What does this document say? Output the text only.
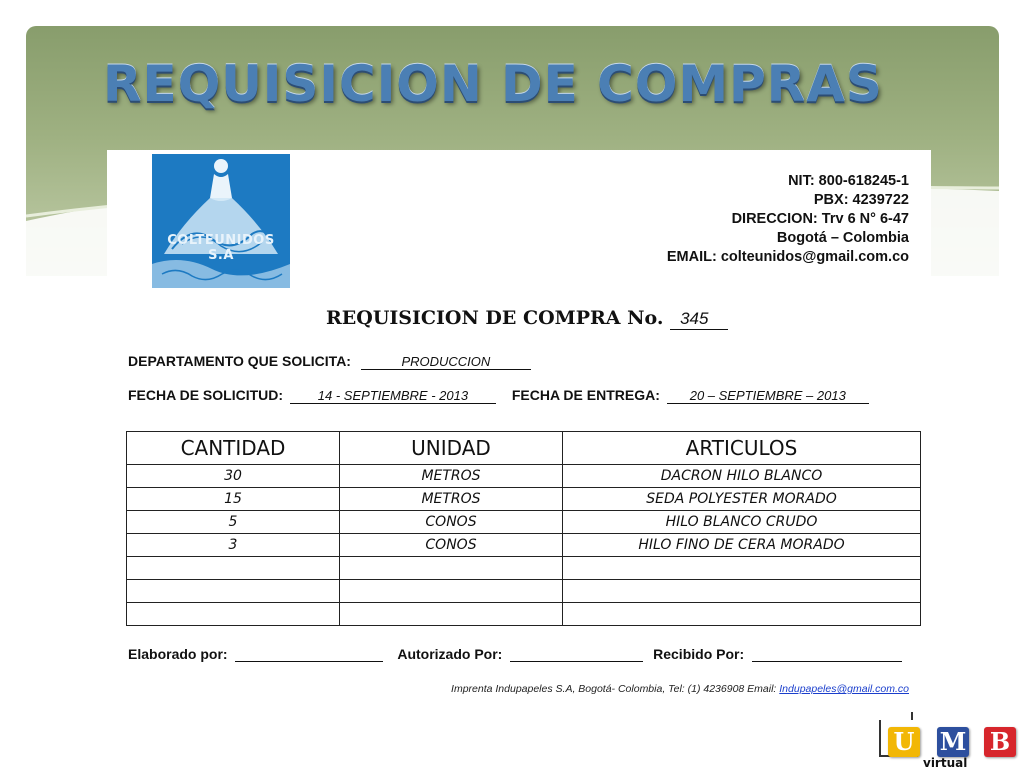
REQUISICION DE COMPRAS
COLTEUNIDOS S.A
NIT: 800-618245-1
PBX: 4239722
DIRECCION: Trv 6 N° 6-47
Bogotá – Colombia
EMAIL: colteunidos@gmail.com.co
REQUISICION DE COMPRA No. 345
DEPARTAMENTO QUE SOLICITA:	PRODUCCION
FECHA DE SOLICITUD:	14 - SEPTIEMBRE - 2013	FECHA DE ENTREGA: 20 – SEPTIEMBRE – 2013
CANTIDAD	UNIDAD	ARTICULOS
30	METROS	DACRON HILO BLANCO
15	METROS	SEDA POLYESTER MORADO
5	CONOS	HILO BLANCO CRUDO
3	CONOS	HILO FINO DE CERA MORADO

Elaborado por:	Autorizado Por:	Recibido Por:
Imprenta Indupapeles S.A, Bogotá- Colombia, Tel: (1) 4236908 Email: Indupapeles@gmail.com.co
U M B
virtual
